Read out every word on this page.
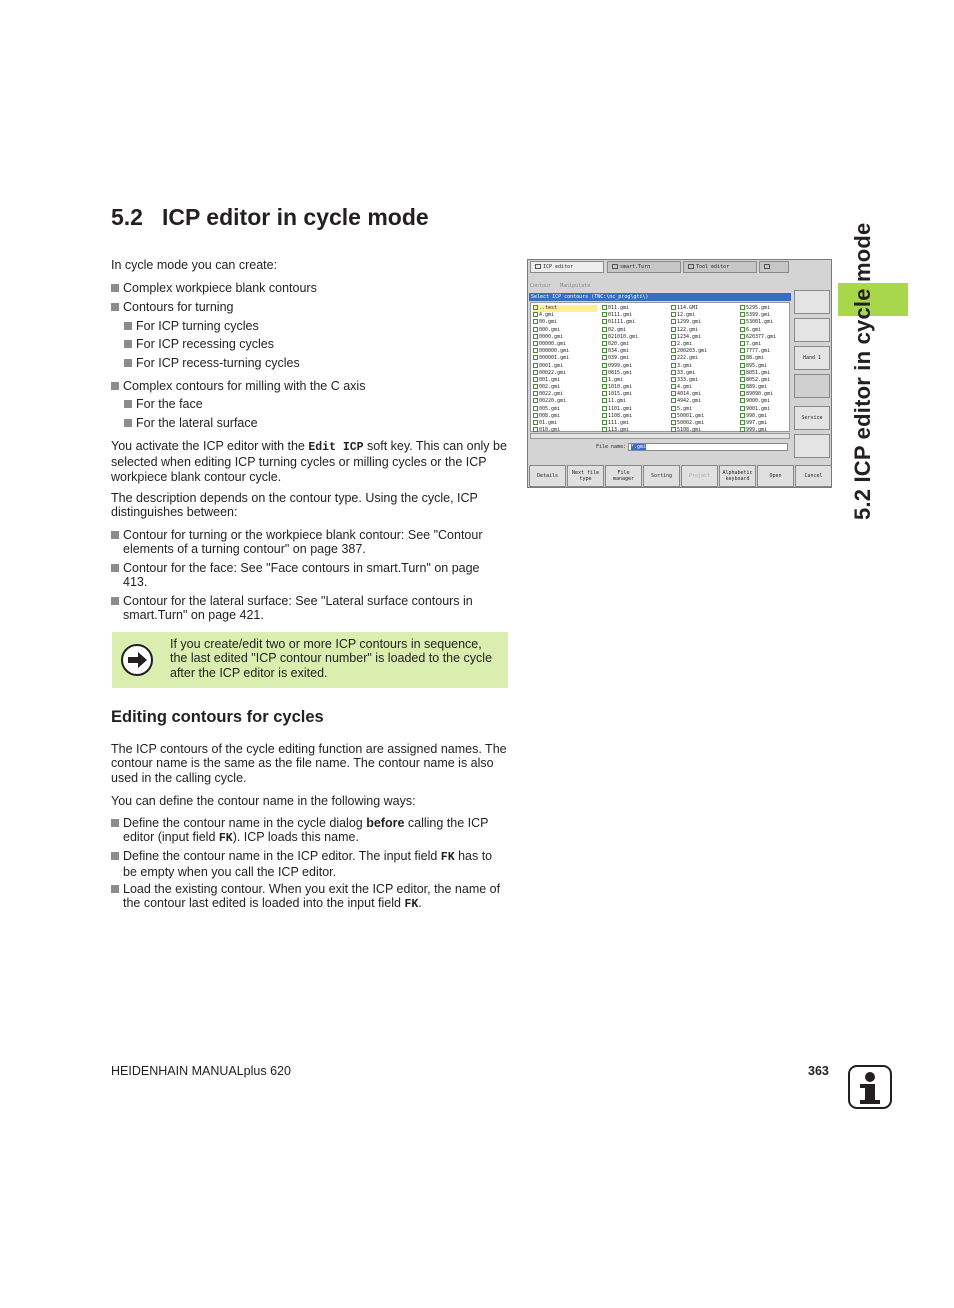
5.2 ICP editor in cycle mode
5.2 ICP editor in cycle mode
In cycle mode you can create:
Complex workpiece blank contours
Contours for turning
For ICP turning cycles
For ICP recessing cycles
For ICP recess-turning cycles
Complex contours for milling with the C axis
For the face
For the lateral surface

You activate the ICP editor with the Edit ICP soft key. This can only be selected when editing ICP turning cycles or milling cycles or the ICP workpiece blank contour cycle.

The description depends on the contour type. Using the cycle, ICP distinguishes between:

Contour for turning or the workpiece blank contour: See "Contour elements of a turning contour" on page 387.
Contour for the face: See "Face contours in smart.Turn" on page 413.
Contour for the lateral surface: See "Lateral surface contours in smart.Turn" on page 421.
If you create/edit two or more ICP contours in sequence, the last edited "ICP contour number" is loaded to the cycle after the ICP editor is exited.
Editing contours for cycles

The ICP contours of the cycle editing function are assigned names. The contour name is the same as the file name. The contour name is also used in the calling cycle.

You can define the contour name in the following ways:

Define the contour name in the cycle dialog before calling the ICP editor (input field FK). ICP loads this name.
Define the contour name in the ICP editor. The input field FK has to be empty when you call the ICP editor.
Load the existing contour. When you exit the ICP editor, the name of the contour last edited is loaded into the input field FK.
ICP editor	smart.Turn	Tool editor
Contour Manipulate
Select ICP contours (TNC:\nc_prog\gti\)
..test
4.gmi
00.gmi
000.gmi
0000.gmi
00000.gmi
000000.gmi
000001.gmi
0001.gmi
00022.gmi
001.gmi
002.gmi
0022.gmi
00220.gmi
005.gmi
008.gmi
01.gmi
010.gmi
011.gmi
0111.gmi
01111.gmi
02.gmi
021010.gmi
020.gmi
034.gmi
039.gmi
0999.gmi
0815.gmi
1.gmi
1010.gmi
1015.gmi
11.gmi
1101.gmi
1108.gmi
111.gmi
113.gmi
114.GMI
12.gmi
1299.gmi
122.gmi
1234.gmi
2.gmi
200203.gmi
222.gmi
3.gmi
33.gmi
333.gmi
4.gmi
4014.gmi
4942.gmi
5.gmi
50001.gmi
50002.gmi
5108.gmi
5295.gmi
5399.gmi
53001.gmi
6.gmi
620377.gmi
7.gmi
7777.gmi
88.gmi
895.gmi
8051.gmi
8052.gmi
889.gmi
89090.gmi
9000.gmi
9001.gmi
990.gmi
997.gmi
999.gmi
File name: *.gmi
Hand 1
Service
Details	Next file type
File manager	Sorting	Project	Alphabetic keyboard	Open	Cancel
HEIDENHAIN MANUALplus 620	363
